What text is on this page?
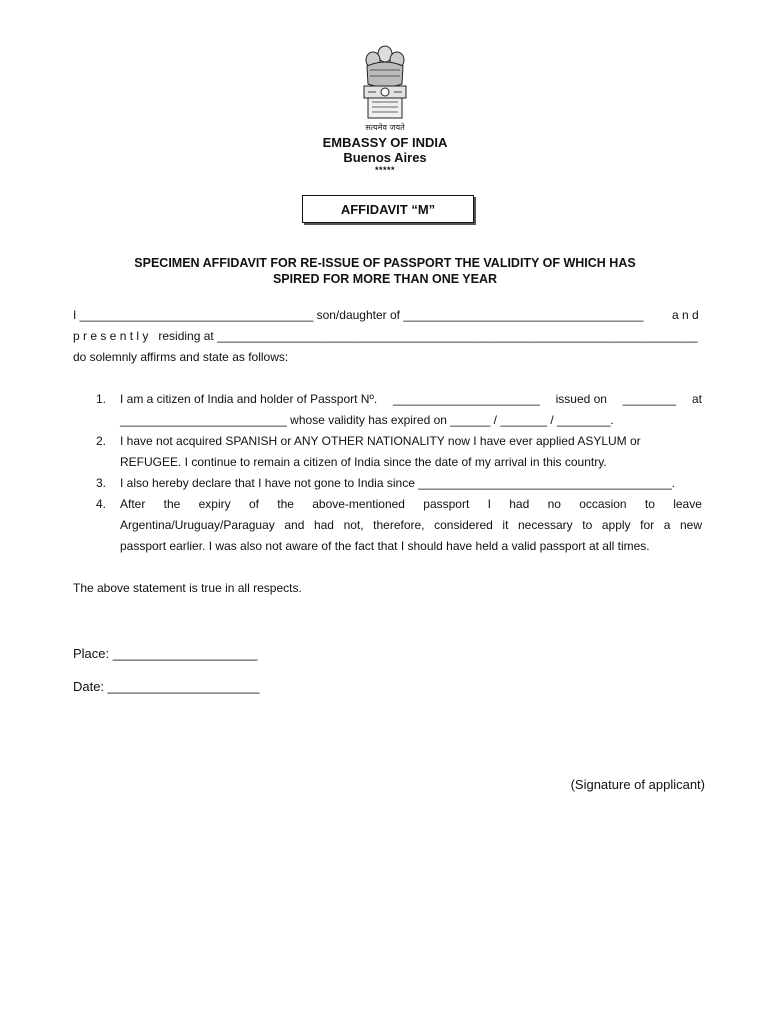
सत्यमेव जयते
EMBASSY OF INDIA
Buenos Aires
*****
AFFIDAVIT “M”
SPECIMEN AFFIDAVIT FOR RE-ISSUE OF PASSPORT THE VALIDITY OF WHICH HAS
SPIRED FOR MORE THAN ONE YEAR
I ___________________________________ son/daughter of ____________________________________ a n d
p r e s e n t l y   residing at ________________________________________________________________________
do solemnly affirms and state as follows:
1. I am a citizen of India and holder of Passport Nº. ______________________ issued on ________ at
_________________________ whose validity has expired on ______ / _______ / ________.
2. I have not acquired SPANISH or ANY OTHER NATIONALITY now I have ever applied ASYLUM or
REFUGEE. I continue to remain a citizen of India since the date of my arrival in this country.
3. I also hereby declare that I have not gone to India since ______________________________________.
4. After the expiry of the above-mentioned passport I had no occasion to leave
Argentina/Uruguay/Paraguay and had not, therefore, considered it necessary to apply for a new
passport earlier. I was also not aware of the fact that I should have held a valid passport at all times.
The above statement is true in all respects.
Place: ____________________
Date: _____________________
(Signature of applicant)
